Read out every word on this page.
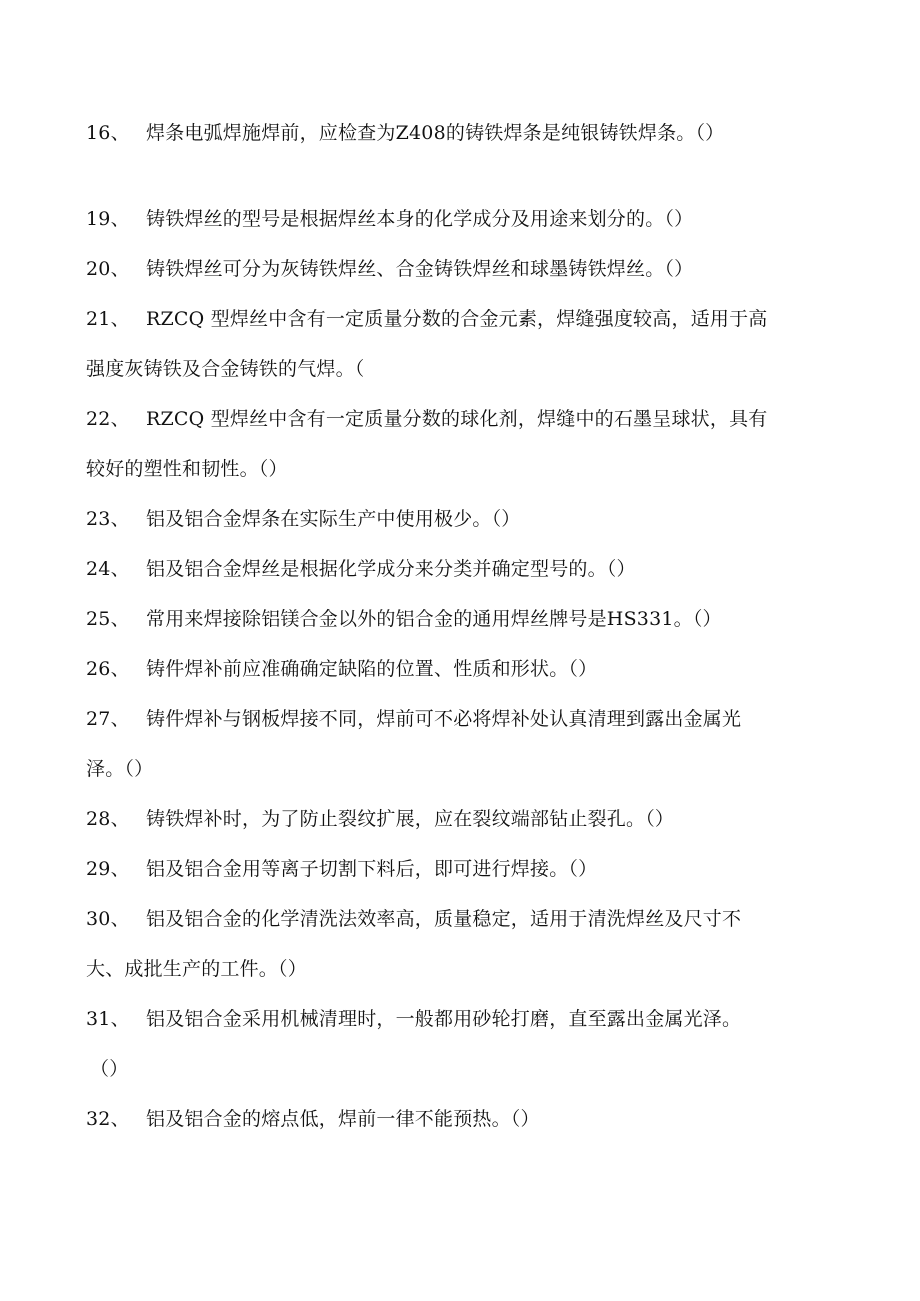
16、 焊条电弧焊施焊前，应检查为Z408的铸铁焊条是纯银铸铁焊条。（）
19、 铸铁焊丝的型号是根据焊丝本身的化学成分及用途来划分的。（）
20、 铸铁焊丝可分为灰铸铁焊丝、合金铸铁焊丝和球墨铸铁焊丝。（）
21、 RZCQ 型焊丝中含有一定质量分数的合金元素，焊缝强度较高，适用于高
强度灰铸铁及合金铸铁的气焊。（
22、 RZCQ 型焊丝中含有一定质量分数的球化剂，焊缝中的石墨呈球状，具有
较好的塑性和韧性。（）
23、 铝及铝合金焊条在实际生产中使用极少。（）
24、 铝及铝合金焊丝是根据化学成分来分类并确定型号的。（）
25、 常用来焊接除铝镁合金以外的铝合金的通用焊丝牌号是HS331。（）
26、 铸件焊补前应准确确定缺陷的位置、性质和形状。（）
27、 铸件焊补与钢板焊接不同，焊前可不必将焊补处认真清理到露出金属光
泽。（）
28、 铸铁焊补时，为了防止裂纹扩展，应在裂纹端部钻止裂孔。（）
29、 铝及铝合金用等离子切割下料后，即可进行焊接。（）
30、 铝及铝合金的化学清洗法效率高，质量稳定，适用于清洗焊丝及尺寸不
大、成批生产的工件。（）
31、 铝及铝合金采用机械清理时，一般都用砂轮打磨，直至露出金属光泽。
（）
32、 铝及铝合金的熔点低，焊前一律不能预热。（）
